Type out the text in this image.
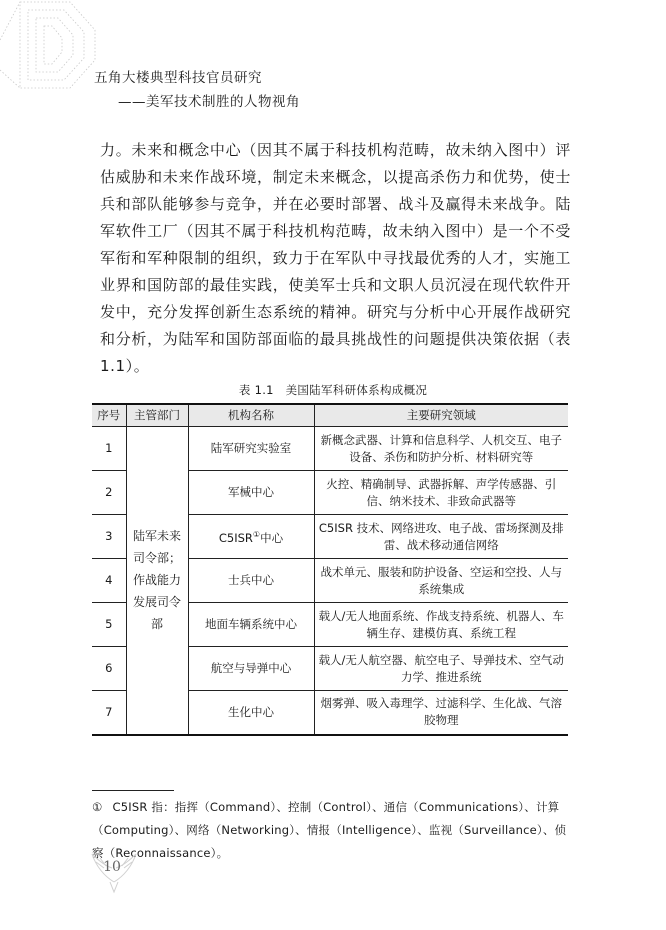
五角大楼典型科技官员研究
——美军技术制胜的人物视角

力。未来和概念中心（因其不属于科技机构范畴，故未纳入图中）评估威胁和未来作战环境，制定未来概念，以提高杀伤力和优势，使士兵和部队能够参与竞争，并在必要时部署、战斗及赢得未来战争。陆军软件工厂（因其不属于科技机构范畴，故未纳入图中）是一个不受军衔和军种限制的组织，致力于在军队中寻找最优秀的人才，实施工业界和国防部的最佳实践，使美军士兵和文职人员沉浸在现代软件开发中，充分发挥创新生态系统的精神。研究与分析中心开展作战研究和分析，为陆军和国防部面临的最具挑战性的问题提供决策依据（表 1.1）。

表 1.1　美国陆军科研体系构成概况
序号	主管部门	机构名称	主要研究领域
1	陆军未来司令部；作战能力发展司令部	陆军研究实验室	新概念武器、计算和信息科学、人机交互、电子设备、杀伤和防护分析、材料研究等
2		军械中心	火控、精确制导、武器拆解、声学传感器、引信、纳米技术、非致命武器等
3		C5ISR①中心	C5ISR 技术、网络进攻、电子战、雷场探测及排雷、战术移动通信网络
4		士兵中心	战术单元、服装和防护设备、空运和空投、人与系统集成
5		地面车辆系统中心	载人/无人地面系统、作战支持系统、机器人、车辆生存、建模仿真、系统工程
6		航空与导弹中心	载人/无人航空器、航空电子、导弹技术、空气动力学、推进系统
7		生化中心	烟雾弹、吸入毒理学、过滤科学、生化战、气溶胶物理
① C5ISR 指：指挥（Command）、控制（Control）、通信（Communications）、计算（Computing）、网络（Networking）、情报（Intelligence）、监视（Surveillance）、侦察（Reconnaissance）。
10
